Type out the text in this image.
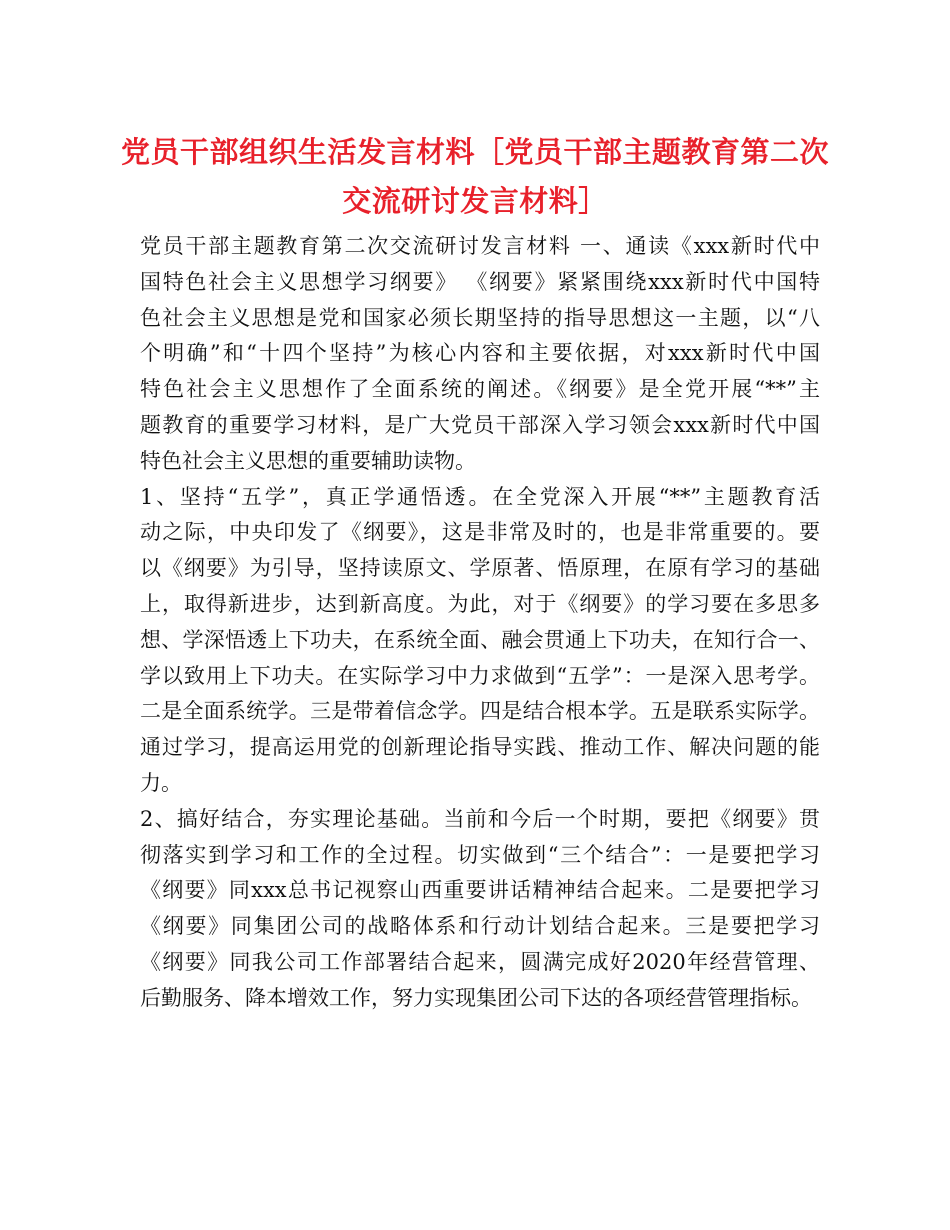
党员干部组织生活发言材料［党员干部主题教育第二次
交流研讨发言材料］
党员干部主题教育第二次交流研讨发言材料 一、通读《xxx新时代中
国特色社会主义思想学习纲要》 《纲要》紧紧围绕xxx新时代中国特
色社会主义思想是党和国家必须长期坚持的指导思想这一主题，以“八
个明确”和“十四个坚持”为核心内容和主要依据，对xxx新时代中国
特色社会主义思想作了全面系统的阐述。《纲要》是全党开展“**”主
题教育的重要学习材料，是广大党员干部深入学习领会xxx新时代中国
特色社会主义思想的重要辅助读物。
1、坚持“五学”，真正学通悟透。在全党深入开展“**”主题教育活
动之际，中央印发了《纲要》，这是非常及时的，也是非常重要的。要
以《纲要》为引导，坚持读原文、学原著、悟原理，在原有学习的基础
上，取得新进步，达到新高度。为此，对于《纲要》的学习要在多思多
想、学深悟透上下功夫，在系统全面、融会贯通上下功夫，在知行合一、
学以致用上下功夫。在实际学习中力求做到“五学”：一是深入思考学。
二是全面系统学。三是带着信念学。四是结合根本学。五是联系实际学。
通过学习，提高运用党的创新理论指导实践、推动工作、解决问题的能
力。
2、搞好结合，夯实理论基础。当前和今后一个时期，要把《纲要》贯
彻落实到学习和工作的全过程。切实做到“三个结合”：一是要把学习
《纲要》同xxx总书记视察山西重要讲话精神结合起来。二是要把学习
《纲要》同集团公司的战略体系和行动计划结合起来。三是要把学习
《纲要》同我公司工作部署结合起来，圆满完成好2020年经营管理、
后勤服务、降本增效工作，努力实现集团公司下达的各项经营管理指标。
